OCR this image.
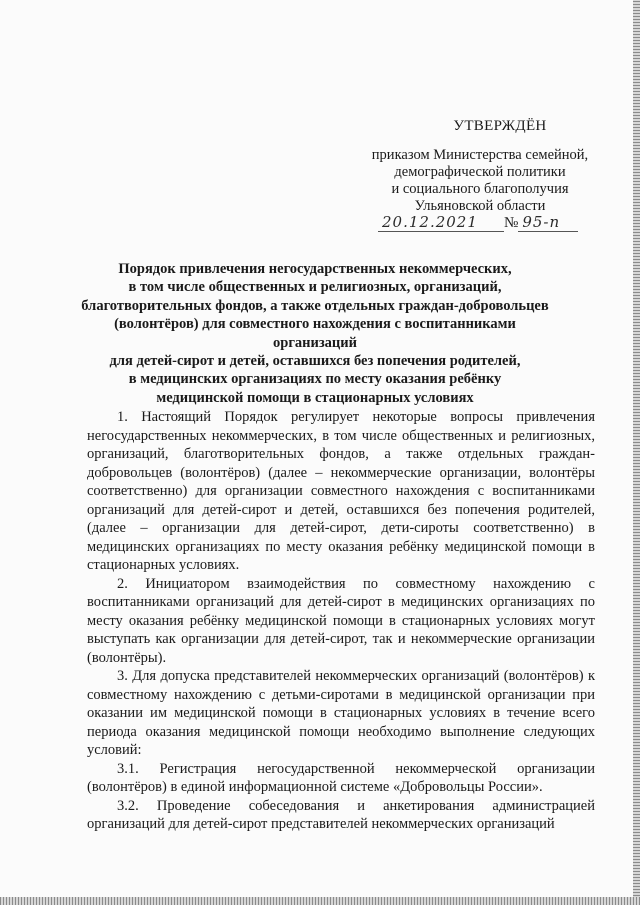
УТВЕРЖДЁН
приказом Министерства семейной,
демографической политики
и социального благополучия
Ульяновской области
20.12.2021 № 95-п
Порядок привлечения негосударственных некоммерческих,
в том числе общественных и религиозных, организаций,
благотворительных фондов, а также отдельных граждан-добровольцев
(волонтёров) для совместного нахождения с воспитанниками организаций
для детей-сирот и детей, оставшихся без попечения родителей,
в медицинских организациях по месту оказания ребёнку
медицинской помощи в стационарных условиях

1. Настоящий Порядок регулирует некоторые вопросы привлечения негосударственных некоммерческих, в том числе общественных и религиозных, организаций, благотворительных фондов, а также отдельных граждан-добровольцев (волонтёров) (далее – некоммерческие организации, волонтёры соответственно) для организации совместного нахождения с воспитанниками организаций для детей-сирот и детей, оставшихся без попечения родителей, (далее – организации для детей-сирот, дети-сироты соответственно) в медицинских организациях по месту оказания ребёнку медицинской помощи в стационарных условиях.

2. Инициатором взаимодействия по совместному нахождению с воспитанниками организаций для детей-сирот в медицинских организациях по месту оказания ребёнку медицинской помощи в стационарных условиях могут выступать как организации для детей-сирот, так и некоммерческие организации (волонтёры).

3. Для допуска представителей некоммерческих организаций (волонтёров) к совместному нахождению с детьми-сиротами в медицинской организации при оказании им медицинской помощи в стационарных условиях в течение всего периода оказания медицинской помощи необходимо выполнение следующих условий:

3.1. Регистрация негосударственной некоммерческой организации (волонтёров) в единой информационной системе «Добровольцы России».

3.2. Проведение собеседования и анкетирования администрацией организаций для детей-сирот представителей некоммерческих организаций
